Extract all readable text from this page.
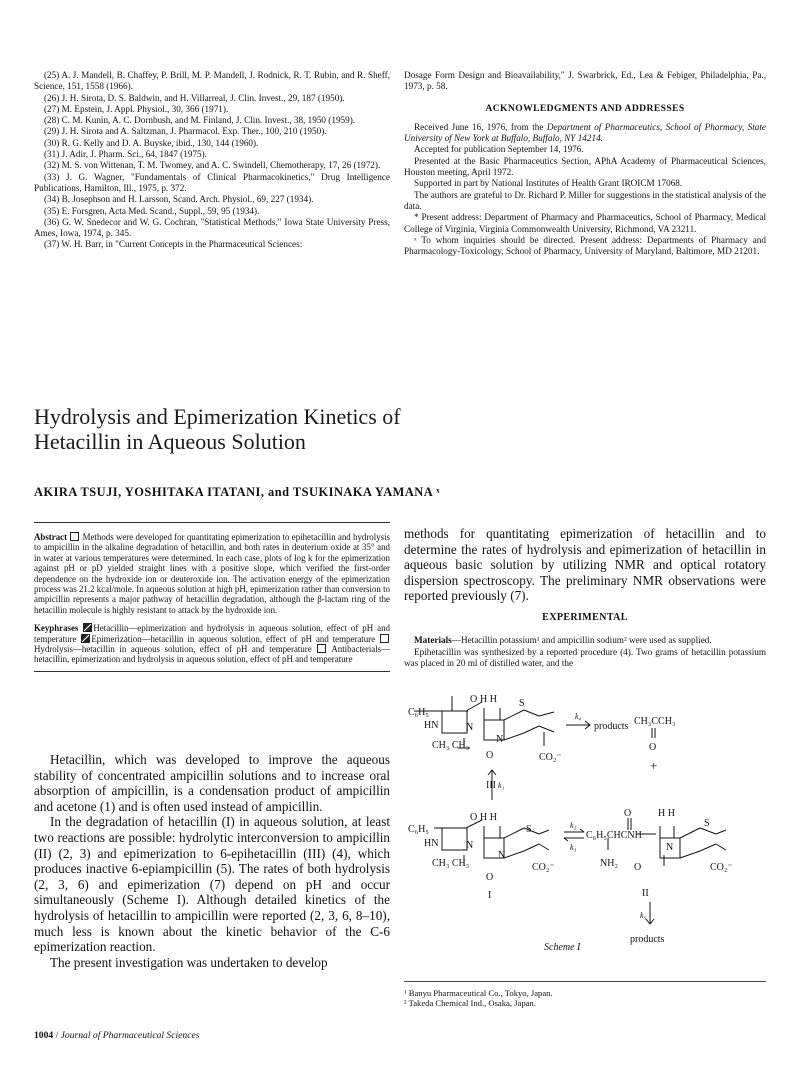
(25) A. J. Mandell, B. Chaffey, P. Brill, M. P. Mandell, J. Rodnick, R. T. Rubin, and R. Sheff, Science, 151, 1558 (1966).
(26) J. H. Sirota, D. S. Baldwin, and H. Villarreal, J. Clin. Invest., 29, 187 (1950).
(27) M. Epstein, J. Appl. Physiol., 30, 366 (1971).
(28) C. M. Kunin, A. C. Dornbush, and M. Finland, J. Clin. Invest., 38, 1950 (1959).
(29) J. H. Sirota and A. Saltzman, J. Pharmacol. Exp. Ther., 100, 210 (1950).
(30) R. G. Kelly and D. A. Buyske, ibid., 130, 144 (1960).
(31) J. Adir, J. Pharm. Sci., 64, 1847 (1975).
(32) M. S. von Wittenan, T. M. Twomey, and A. C. Swindell, Chemotherapy, 17, 26 (1972).
(33) J. G. Wagner, "Fundamentals of Clinical Pharmacokinetics," Drug Intelligence Publications, Hamilton, Ill., 1975, p. 372.
(34) B. Josephson and H. Larsson, Scand. Arch. Physiol., 69, 227 (1934).
(35) E. Forsgren, Acta Med. Scand., Suppl., 59, 95 (1934).
(36) G. W. Snedecor and W. G. Cochran, "Statistical Methods," Iowa State University Press, Ames, Iowa, 1974, p. 345.
(37) W. H. Barr, in "Current Concepts in the Pharmaceutical Sciences:
Dosage Form Design and Bioavailability," J. Swarbrick, Ed., Lea & Febiger, Philadelphia, Pa., 1973, p. 58.
ACKNOWLEDGMENTS AND ADDRESSES
Received June 16, 1976, from the Department of Pharmaceutics, School of Pharmacy, State University of New York at Buffalo, Buffalo, NY 14214.
Accepted for publication September 14, 1976.
Presented at the Basic Pharmaceutics Section, APhA Academy of Pharmaceutical Sciences, Houston meeting, April 1972.
Supported in part by National Institutes of Health Grant IROICM 17068.
The authors are grateful to Dr. Richard P. Miller for suggestions in the statistical analysis of the data.
* Present address: Department of Pharmacy and Pharmaceutics, School of Pharmacy, Medical College of Virginia, Virginia Commonwealth University, Richmond, VA 23211.
ˣ To whom inquiries should be directed. Present address: Departments of Pharmacy and Pharmacology-Toxicology, School of Pharmacy, University of Maryland, Baltimore, MD 21201.
Hydrolysis and Epimerization Kinetics of
Hetacillin in Aqueous Solution
AKIRA TSUJI, YOSHITAKA ITATANI, and TSUKINAKA YAMANA ˣ

Abstract Methods were developed for quantitating epimerization to epihetacillin and hydrolysis to ampicillin in the alkaline degradation of hetacillin, and both rates in deuterium oxide at 35° and in water at various temperatures were determined. In each case, plots of log k for the epimerization against pH or pD yielded straight lines with a positive slope, which verified the first-order dependence on the hydroxide ion or deuteroxide ion. The activation energy of the epimerization process was 21.2 kcal/mole. In aqueous solution at high pH, epimerization rather than conversion to ampicillin represents a major pathway of hetacillin degradation, although the β-lactam ring of the hetacillin molecule is highly resistant to attack by the hydroxide ion.

Keyphrases Hetacillin—epimerization and hydrolysis in aqueous solution, effect of pH and temperature Epimerization—hetacillin in aqueous solution, effect of pH and temperature  Hydrolysis—hetacillin in aqueous solution, effect of pH and temperature Antibacterials—hetacillin, epimerization and hydrolysis in aqueous solution, effect of pH and temperature

Hetacillin, which was developed to improve the aqueous stability of concentrated ampicillin solutions and to increase oral absorption of ampicillin, is a condensation product of ampicillin and acetone (1) and is often used instead of ampicillin.

In the degradation of hetacillin (I) in aqueous solution, at least two reactions are possible: hydrolytic interconversion to ampicillin (II) (2, 3) and epimerization to 6-epihetacillin (III) (4), which produces inactive 6-epiampicillin (5). The rates of both hydrolysis (2, 3, 6) and epimerization (7) depend on pH and occur simultaneously (Scheme I). Although detailed kinetics of the hydrolysis of hetacillin to ampicillin were reported (2, 3, 6, 8–10), much less is known about the kinetic behavior of the C-6 epimerization reaction.

The present investigation was undertaken to develop

methods for quantitating epimerization of hetacillin and to determine the rates of hydrolysis and epimerization of hetacillin in aqueous basic solution by utilizing NMR and optical rotatory dispersion spectroscopy. The preliminary NMR observations were reported previously (7).

EXPERIMENTAL

Materials—Hetacillin potassium¹ and ampicillin sodium² were used as supplied.

Epihetacillin was synthesized by a reported procedure (4). Two grams of hetacillin potassium was placed in 20 ml of distilled water, and the

C₆H₅
HN
O H H
N
S
N
CH₃ CH₃
CO₂⁻
O
III
k₄
products CH₃CCH₃
O
+
k₁
C₆H₅
HN
O H H
N
S
N
CH₃ CH₃	CO₂⁻
O
I
k₂
k₃
O	H H
C₆H₅CHCNH
NH₂
S
N
O	CO₂⁻
II
k₅
products
Scheme I
¹ Banyu Pharmaceutical Co., Tokyo, Japan.
² Takeda Chemical Ind., Osaka, Japan.
1004 / Journal of Pharmaceutical Sciences
